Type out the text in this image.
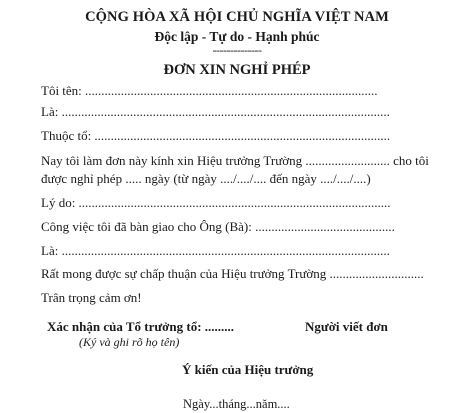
CỘNG HÒA XÃ HỘI CHỦ NGHĨA VIỆT NAM
Độc lập - Tự do - Hạnh phúc
--------------
ĐƠN XIN NGHỈ PHÉP
Tôi tên: ..........................................................................................
Là: .....................................................................................................
Thuộc tổ: ...........................................................................................
Nay tôi làm đơn này kính xin Hiệu trưởng Trường .......................... cho tôi
được nghỉ phép ..... ngày (từ ngày ..../..../.... đến ngày ..../..../....)
Lý do: ................................................................................................
Công việc tôi đã bàn giao cho Ông (Bà): ...........................................
Là: .....................................................................................................
Rất mong được sự chấp thuận của Hiệu trưởng Trường .............................
Trân trọng cảm ơn!
Xác nhận của Tổ trưởng tổ: .........
(Ký và ghi rõ họ tên)
Người viết đơn
Ý kiến của Hiệu trưởng
Ngày...tháng...năm....
